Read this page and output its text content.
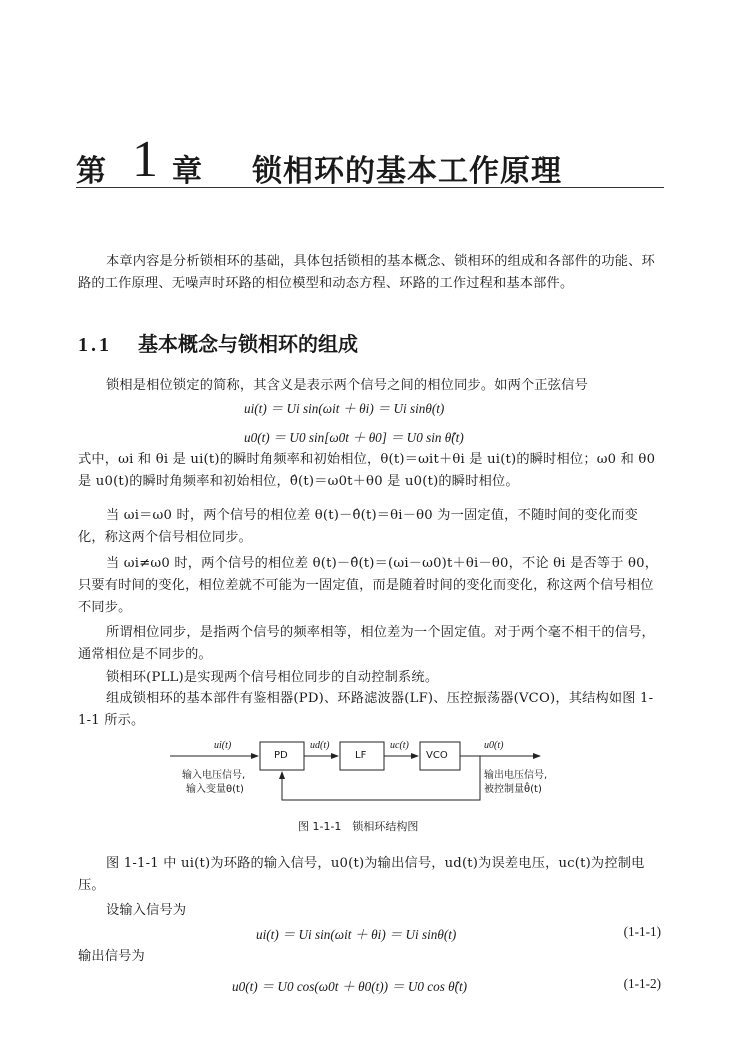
第 1 章 锁相环的基本工作原理

本章内容是分析锁相环的基础，具体包括锁相的基本概念、锁相环的组成和各部件的功能、环路的工作原理、无噪声时环路的相位模型和动态方程、环路的工作过程和基本部件。

1.1 基本概念与锁相环的组成

锁相是相位锁定的简称，其含义是表示两个信号之间的相位同步。如两个正弦信号

ui(t) ＝ Ui sin(ωit ＋ θi) ＝ Ui sinθ(t)
u0(t) ＝ U0 sin[ω0t ＋ θ0] ＝ U0 sin θ̂(t)

式中，ωi 和 θi 是 ui(t)的瞬时角频率和初始相位，θ(t)＝ωit＋θi 是 ui(t)的瞬时相位；ω0 和 θ0 是 u0(t)的瞬时角频率和初始相位，θ̂(t)＝ω0t＋θ0 是 u0(t)的瞬时相位。

当 ωi＝ω0 时，两个信号的相位差 θ(t)－θ̂(t)＝θi－θ0 为一固定值，不随时间的变化而变化，称这两个信号相位同步。

当 ωi≠ω0 时，两个信号的相位差 θ(t)－θ̂(t)＝(ωi－ω0)t＋θi－θ0，不论 θi 是否等于 θ0，只要有时间的变化，相位差就不可能为一固定值，而是随着时间的变化而变化，称这两个信号相位不同步。

所谓相位同步，是指两个信号的频率相等，相位差为一个固定值。对于两个毫不相干的信号，通常相位是不同步的。

锁相环(PLL)是实现两个信号相位同步的自动控制系统。

组成锁相环的基本部件有鉴相器(PD)、环路滤波器(LF)、压控振荡器(VCO)，其结构如图 1-1-1 所示。

PD	LF	VCO
ui(t)	ud(t)	uc(t)	u0(t)
输入电压信号,
输入变量θ(t)
输出电压信号,
被控制量θ̂(t)
图 1-1-1　锁相环结构图

图 1-1-1 中 ui(t)为环路的输入信号，u0(t)为输出信号，ud(t)为误差电压，uc(t)为控制电压。

设输入信号为

ui(t) ＝ Ui sin(ωit ＋ θi) ＝ Ui sinθ(t)	(1-1-1)

输出信号为

u0(t) ＝ U0 cos(ω0t ＋ θ0(t)) ＝ U0 cos θ̂(t)	(1-1-2)
